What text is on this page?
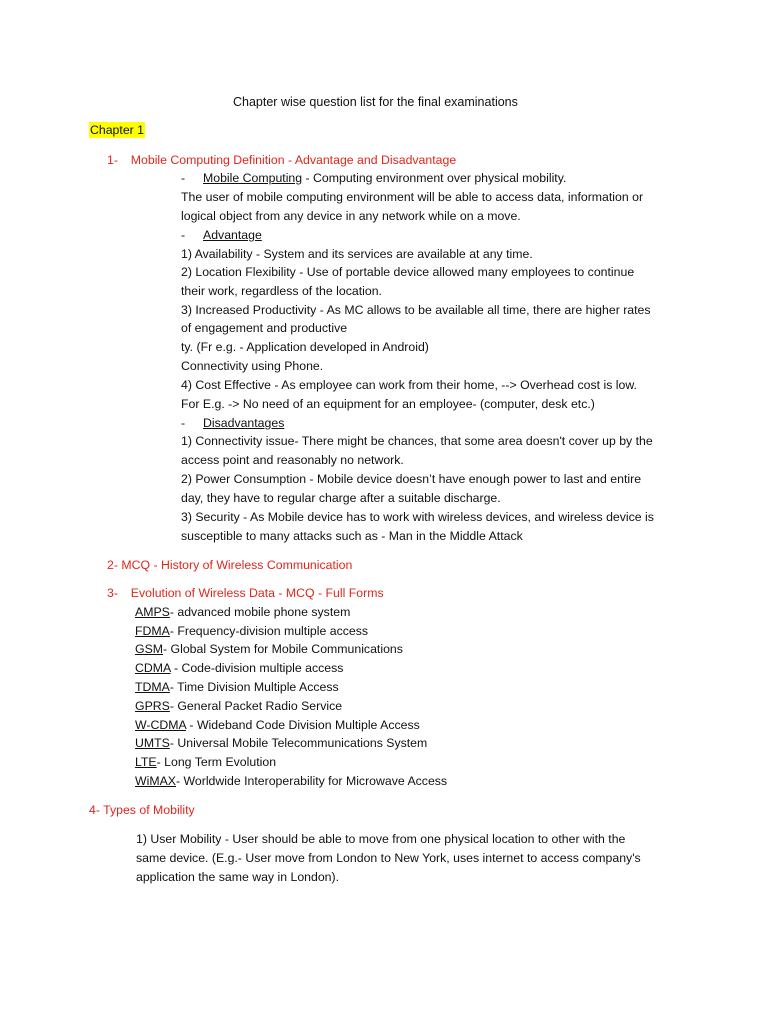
Chapter wise question list for the final examinations
Chapter 1
1- Mobile Computing Definition - Advantage and Disadvantage
- Mobile Computing - Computing environment over physical mobility.
The user of mobile computing environment will be able to access data, information or
logical object from any device in any network while on a move.
- Advantage
1) Availability - System and its services are available at any time.
2) Location Flexibility - Use of portable device allowed many employees to continue
their work, regardless of the location.
3) Increased Productivity - As MC allows to be available all time, there are higher rates
of engagement and productive
ty. (Fr e.g. - Application developed in Android)
Connectivity using Phone.
4) Cost Effective - As employee can work from their home, --> Overhead cost is low.
For E.g. -> No need of an equipment for an employee- (computer, desk etc.)
- Disadvantages
1) Connectivity issue- There might be chances, that some area doesn't cover up by the
access point and reasonably no network.
2) Power Consumption - Mobile device doesn’t have enough power to last and entire
day, they have to regular charge after a suitable discharge.
3) Security - As Mobile device has to work with wireless devices, and wireless device is
susceptible to many attacks such as - Man in the Middle Attack
2- MCQ - History of Wireless Communication
3- Evolution of Wireless Data - MCQ - Full Forms
AMPS- advanced mobile phone system
FDMA- Frequency-division multiple access
GSM- Global System for Mobile Communications
CDMA - Code-division multiple access
TDMA- Time Division Multiple Access
GPRS- General Packet Radio Service
W-CDMA - Wideband Code Division Multiple Access
UMTS- Universal Mobile Telecommunications System
LTE- Long Term Evolution
WiMAX- Worldwide Interoperability for Microwave Access
4- Types of Mobility
1) User Mobility - User should be able to move from one physical location to other with the
same device. (E.g.- User move from London to New York, uses internet to access company's
application the same way in London).
